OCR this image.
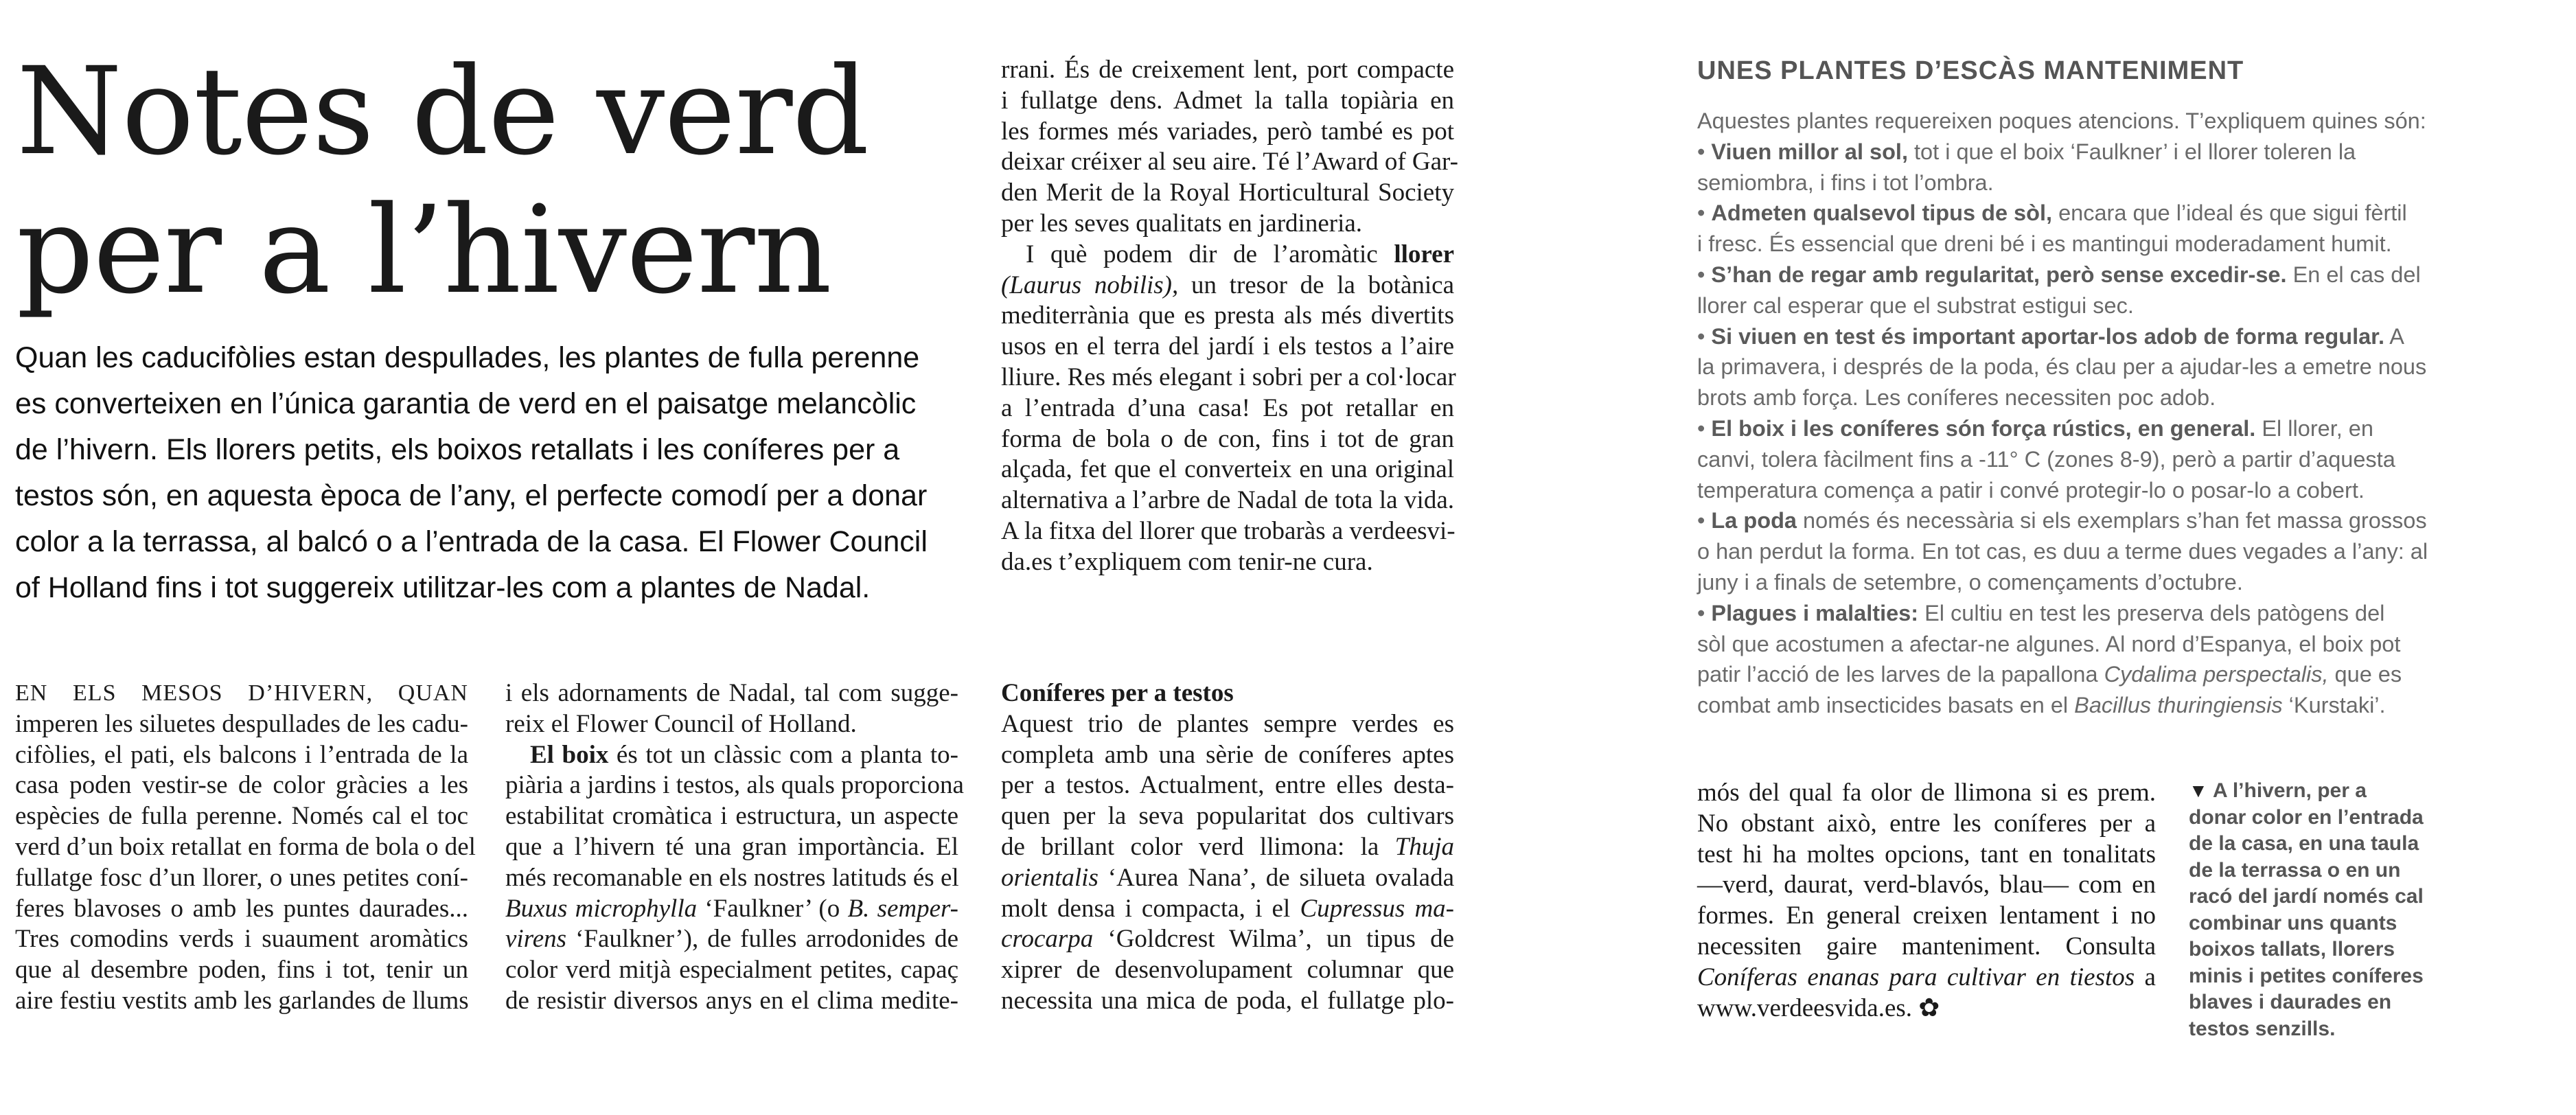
Notes de verd
per a l’hivern
Quan les caducifòlies estan despullades, les plantes de fulla perenne
es converteixen en l’única garantia de verd en el paisatge melancòlic
de l’hivern. Els llorers petits, els boixos retallats i les coníferes per a
testos són, en aquesta època de l’any, el perfecte comodí per a donar
color a la terrassa, al balcó o a l’entrada de la casa. El Flower Council
of Holland fins i tot suggereix utilitzar-les com a plantes de Nadal.
EN ELS MESOS D’HIVERN, QUAN
imperen les siluetes despullades de les cadu-
cifòlies, el pati, els balcons i l’entrada de la
casa poden vestir-se de color gràcies a les
espècies de fulla perenne. Només cal el toc
verd d’un boix retallat en forma de bola o del
fullatge fosc d’un llorer, o unes petites coní-
feres blavoses o amb les puntes daurades...
Tres comodins verds i suaument aromàtics
que al desembre poden, fins i tot, tenir un
aire festiu vestits amb les garlandes de llums
i els adornaments de Nadal, tal com sugge-
reix el Flower Council of Holland.
El boix és tot un clàssic com a planta to-
piària a jardins i testos, als quals proporciona
estabilitat cromàtica i estructura, un aspecte
que a l’hivern té una gran importància. El
més recomanable en els nostres latituds és el
Buxus microphylla ‘Faulkner’ (o B. semper-
virens ‘Faulkner’), de fulles arrodonides de
color verd mitjà especialment petites, capaç
de resistir diversos anys en el clima medite-
rrani. És de creixement lent, port compacte
i fullatge dens. Admet la talla topiària en
les formes més variades, però també es pot
deixar créixer al seu aire. Té l’Award of Gar-
den Merit de la Royal Horticultural Society
per les seves qualitats en jardineria.
I què podem dir de l’aromàtic llorer
(Laurus nobilis), un tresor de la botànica
mediterrània que es presta als més divertits
usos en el terra del jardí i els testos a l’aire
lliure. Res més elegant i sobri per a col·locar
a l’entrada d’una casa! Es pot retallar en
forma de bola o de con, fins i tot de gran
alçada, fet que el converteix en una original
alternativa a l’arbre de Nadal de tota la vida.
A la fitxa del llorer que trobaràs a verdeesvi-
da.es t’expliquem com tenir-ne cura.
Coníferes per a testos
Aquest trio de plantes sempre verdes es
completa amb una sèrie de coníferes aptes
per a testos. Actualment, entre elles desta-
quen per la seva popularitat dos cultivars
de brillant color verd llimona: la Thuja
orientalis ‘Aurea Nana’, de silueta ovalada
molt densa i compacta, i el Cupressus ma-
crocarpa ‘Goldcrest Wilma’, un tipus de
xiprer de desenvolupament columnar que
necessita una mica de poda, el fullatge plo-
UNES PLANTES D’ESCÀS MANTENIMENT
Aquestes plantes requereixen poques atencions. T’expliquem quines són:
• Viuen millor al sol, tot i que el boix ‘Faulkner’ i el llorer toleren la
semiombra, i fins i tot l’ombra.
• Admeten qualsevol tipus de sòl, encara que l’ideal és que sigui fèrtil
i fresc. És essencial que dreni bé i es mantingui moderadament humit.
• S’han de regar amb regularitat, però sense excedir-se. En el cas del
llorer cal esperar que el substrat estigui sec.
• Si viuen en test és important aportar-los adob de forma regular. A
la primavera, i després de la poda, és clau per a ajudar-les a emetre nous
brots amb força. Les coníferes necessiten poc adob.
• El boix i les coníferes són força rústics, en general. El llorer, en
canvi, tolera fàcilment fins a -11° C (zones 8-9), però a partir d’aquesta
temperatura comença a patir i convé protegir-lo o posar-lo a cobert.
• La poda només és necessària si els exemplars s’han fet massa grossos
o han perdut la forma. En tot cas, es duu a terme dues vegades a l’any: al
juny i a finals de setembre, o començaments d’octubre.
• Plagues i malalties: El cultiu en test les preserva dels patògens del
sòl que acostumen a afectar-ne algunes. Al nord d’Espanya, el boix pot
patir l’acció de les larves de la papallona Cydalima perspectalis, que es
combat amb insecticides basats en el Bacillus thuringiensis ‘Kurstaki’.
mós del qual fa olor de llimona si es prem.
No obstant això, entre les coníferes per a
test hi ha moltes opcions, tant en tonalitats
—verd, daurat, verd-blavós, blau— com en
formes. En general creixen lentament i no
necessiten gaire manteniment. Consulta
Coníferas enanas para cultivar en tiestos a
www.verdeesvida.es. ✿
▼ A l’hivern, per a
donar color en l’entrada
de la casa, en una taula
de la terrassa o en un
racó del jardí només cal
combinar uns quants
boixos tallats, llorers
minis i petites coníferes
blaves i daurades en
testos senzills.
